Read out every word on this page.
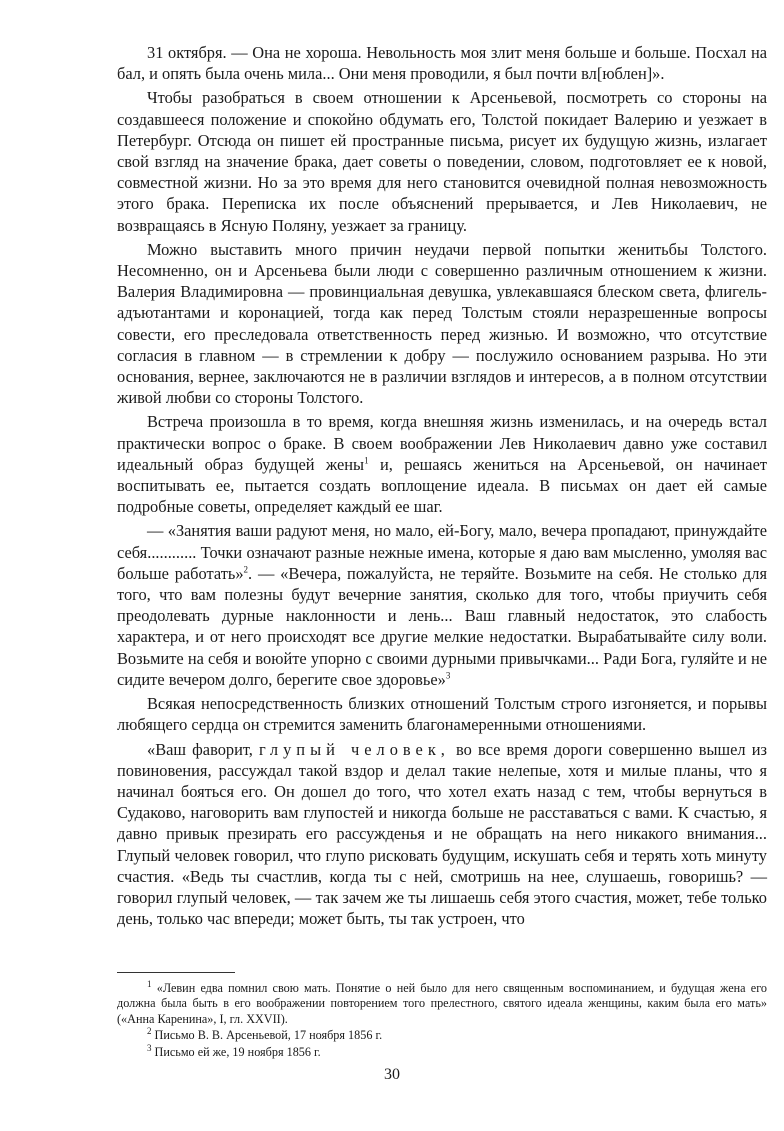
31 октября. — Она не хороша. Невольность моя злит меня больше и больше. Посхал на бал, и опять была очень мила... Они меня проводили, я был почти вл[юблен]».

Чтобы разобраться в своем отношении к Арсеньевой, посмотреть со стороны на создавшееся положение и спокойно обдумать его, Толстой покидает Валерию и уезжает в Петербург. Отсюда он пишет ей пространные письма, рисует их будущую жизнь, излагает свой взгляд на значение брака, дает советы о поведении, словом, подготовляет ее к новой, совместной жизни. Но за это время для него становится очевидной полная невозможность этого брака. Переписка их после объяснений прерывается, и Лев Николаевич, не возвращаясь в Ясную Поляну, уезжает за границу.

Можно выставить много причин неудачи первой попытки женитьбы Толстого. Несомненно, он и Арсеньева были люди с совершенно различным отношением к жизни. Валерия Владимировна — провинциальная девушка, увлекавшаяся блеском света, флигель-адъютантами и коронацией, тогда как перед Толстым стояли неразрешенные вопросы совести, его преследовала ответственность перед жизнью. И возможно, что отсутствие согласия в главном — в стремлении к добру — послужило основанием разрыва. Но эти основания, вернее, заключаются не в различии взглядов и интересов, а в полном отсутствии живой любви со стороны Толстого.

Встреча произошла в то время, когда внешняя жизнь изменилась, и на очередь встал практически вопрос о браке. В своем воображении Лев Николаевич давно уже составил идеальный образ будущей жены$^1$ и, решаясь жениться на Арсеньевой, он начинает воспитывать ее, пытается создать воплощение идеала. В письмах он дает ей самые подробные советы, определяет каждый ее шаг.

— «Занятия ваши радуют меня, но мало, ей-Богу, мало, вечера пропадают, принуждайте себя............ Точки означают разные нежные имена, которые я даю вам мысленно, умоляя вас больше работать»$^2$. — «Вечера, пожалуйста, не теряйте. Возьмите на себя. Не столько для того, что вам полезны будут вечерние занятия, сколько для того, чтобы приучить себя преодолевать дурные наклонности и лень... Ваш главный недостаток, это слабость характера, и от него происходят все другие мелкие недостатки. Вырабатывайте силу воли. Возьмите на себя и воюйте упорно с своими дурными привычками... Ради Бога, гуляйте и не сидите вечером долго, берегите свое здоровье»$^3$

Всякая непосредственность близких отношений Толстым строго изгоняется, и порывы любящего сердца он стремится заменить благонамеренными отношениями.

«Ваш фаворит, глупый человек, во все время дороги совершенно вышел из повиновения, рассуждал такой вздор и делал такие нелепые, хотя и милые планы, что я начинал бояться его. Он дошел до того, что хотел ехать назад с тем, чтобы вернуться в Судаково, наговорить вам глупостей и никогда больше не расставаться с вами. К счастью, я давно привык презирать его рассужденья и не обращать на него никакого внимания... Глупый человек говорил, что глупо рисковать будущим, искушать себя и терять хоть минуту счастия. «Ведь ты счастлив, когда ты с ней, смотришь на нее, слушаешь, говоришь? — говорил глупый человек, — так зачем же ты лишаешь себя этого счастия, может, тебе только день, только час впереди; может быть, ты так устроен, что

$^1$ «Левин едва помнил свою мать. Понятие о ней было для него священным воспоминанием, и будущая жена его должна была быть в его воображении повторением того прелестного, святого идеала женщины, каким была его мать» («Анна Каренина», I, гл. XXVII).

$^2$ Письмо В. В. Арсеньевой, 17 ноября 1856 г.

$^3$ Письмо ей же, 19 ноября 1856 г.

30
